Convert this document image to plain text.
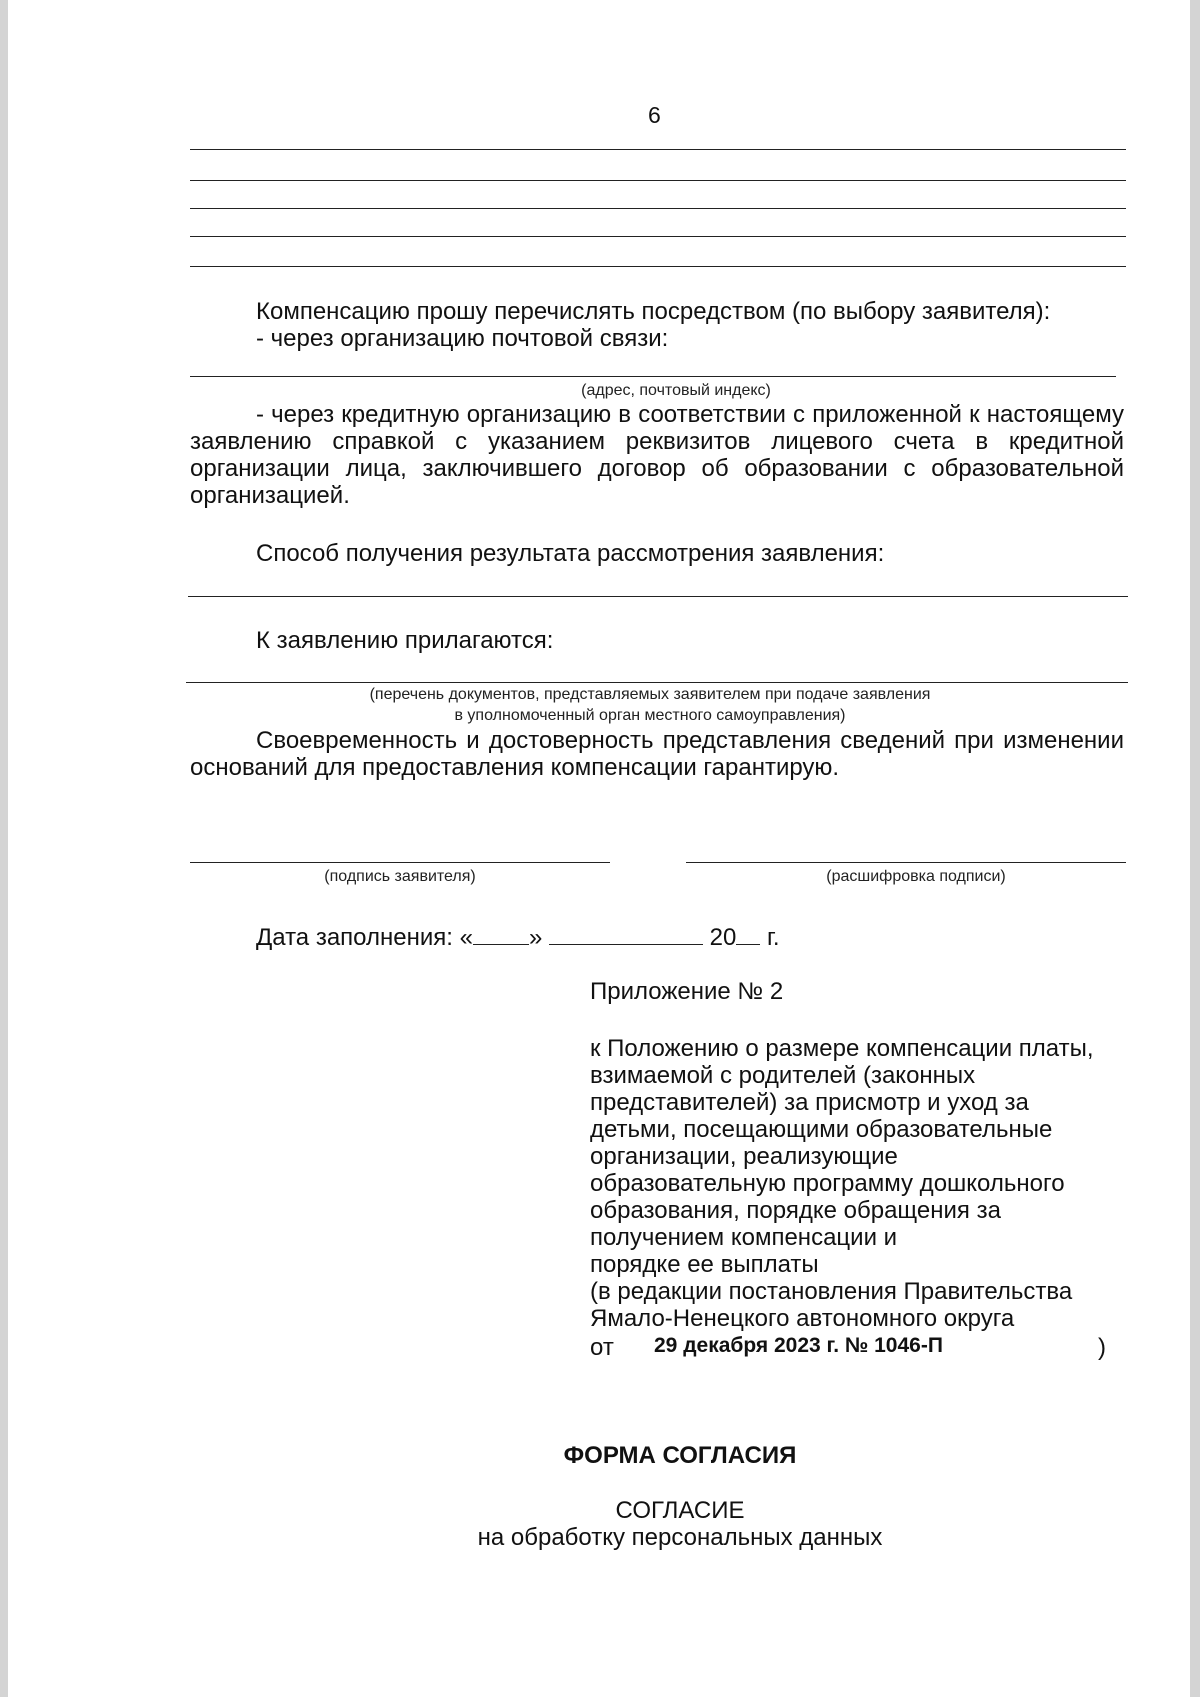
6
Компенсацию прошу перечислять посредством (по выбору заявителя):
- через организацию почтовой связи:
(адрес, почтовый индекс)
- через кредитную организацию в соответствии с приложенной к настоящему заявлению справкой с указанием реквизитов лицевого счета в кредитной организации лица, заключившего договор об образовании с образовательной организацией.
Способ получения результата рассмотрения заявления:
К заявлению прилагаются:
(перечень документов, представляемых заявителем при подаче заявления
в уполномоченный орган местного самоуправления)
Своевременность и достоверность представления сведений при изменении оснований для предоставления компенсации гарантирую.
(подпись заявителя)	(расшифровка подписи)
Дата заполнения: « »	20 г.
Приложение № 2
к Положению о размере компенсации платы,
взимаемой с родителей (законных
представителей) за присмотр и уход за
детьми, посещающими образовательные
организации, реализующие
образовательную программу дошкольного
образования, порядке обращения за
получением компенсации и
порядке ее выплаты
(в редакции постановления Правительства
Ямало-Ненецкого автономного округа
от 29 декабря 2023 г. № 1046-П	)
ФОРМА СОГЛАСИЯ
СОГЛАСИЕ
на обработку персональных данных
